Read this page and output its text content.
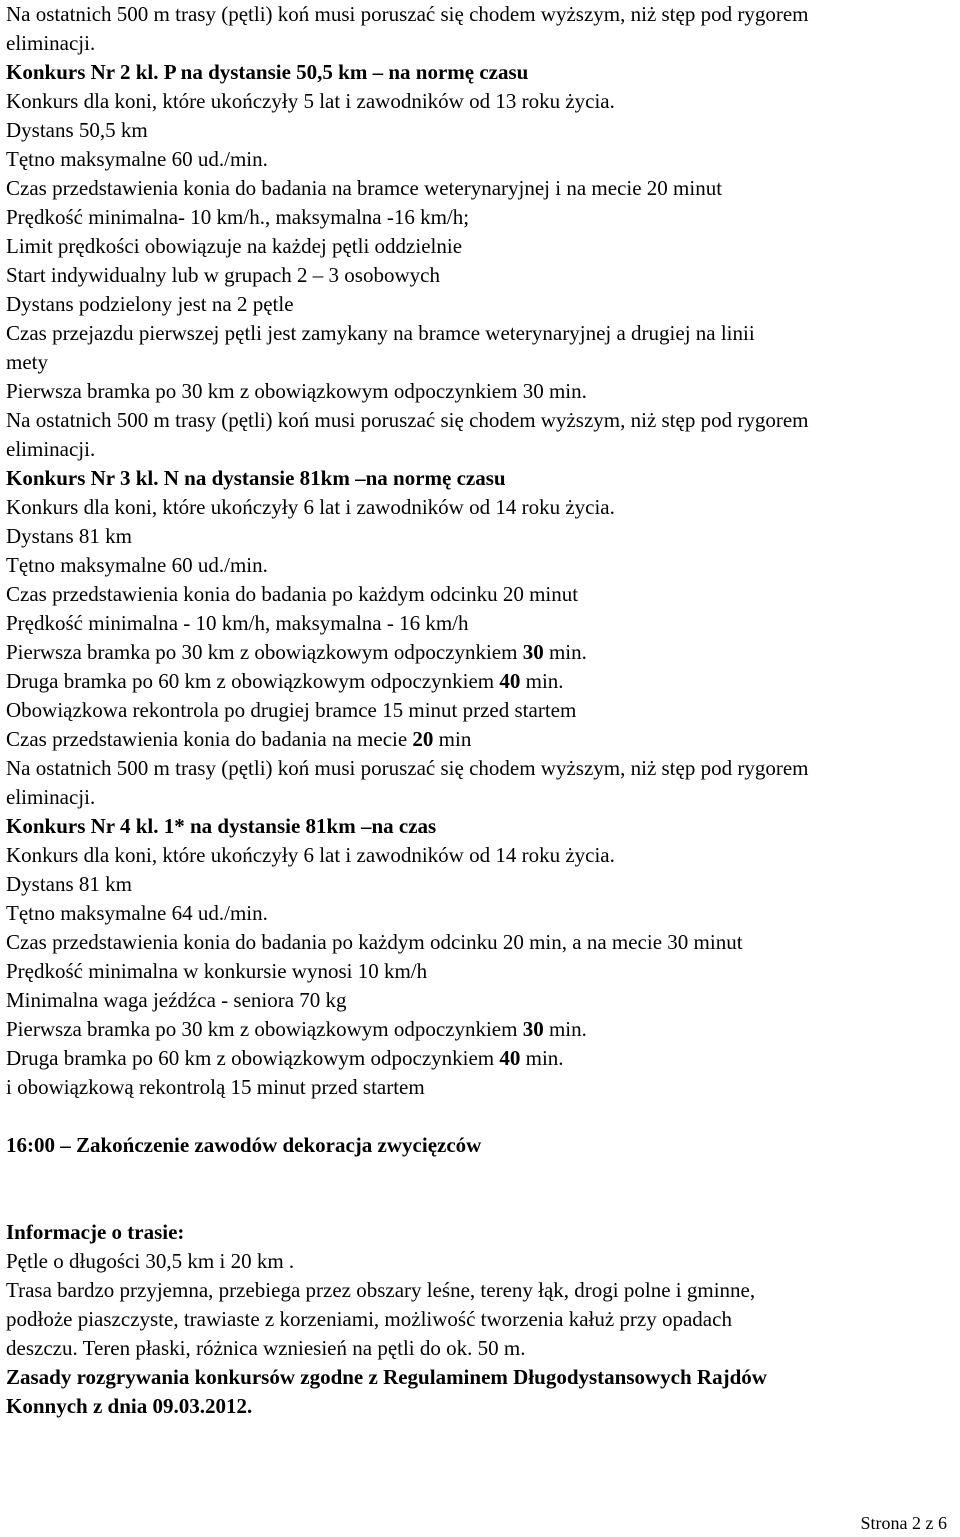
Na ostatnich 500 m trasy (pętli) koń musi poruszać się chodem wyższym, niż stęp pod rygorem
eliminacji.
Konkurs Nr 2 kl. P na dystansie 50,5 km – na normę czasu
Konkurs dla koni, które ukończyły 5 lat i zawodników od 13 roku życia.
Dystans 50,5 km
Tętno maksymalne 60 ud./min.
Czas przedstawienia konia do badania na bramce weterynaryjnej i na mecie 20 minut
Prędkość minimalna- 10 km/h., maksymalna -16 km/h;
Limit prędkości obowiązuje na każdej pętli oddzielnie
Start indywidualny lub w grupach 2 – 3 osobowych
Dystans podzielony jest na 2 pętle
Czas przejazdu pierwszej pętli jest zamykany na bramce weterynaryjnej a drugiej na linii
mety
Pierwsza bramka po 30 km z obowiązkowym odpoczynkiem 30 min.
Na ostatnich 500 m trasy (pętli) koń musi poruszać się chodem wyższym, niż stęp pod rygorem
eliminacji.
Konkurs Nr 3 kl. N na dystansie 81km –na normę czasu
Konkurs dla koni, które ukończyły 6 lat i zawodników od 14 roku życia.
Dystans 81 km
Tętno maksymalne 60 ud./min.
Czas przedstawienia konia do badania po każdym odcinku 20 minut
Prędkość minimalna - 10 km/h, maksymalna - 16 km/h
Pierwsza bramka po 30 km z obowiązkowym odpoczynkiem 30 min.
Druga bramka po 60 km z obowiązkowym odpoczynkiem 40 min.
Obowiązkowa rekontrola po drugiej bramce 15 minut przed startem
Czas przedstawienia konia do badania na mecie 20 min
Na ostatnich 500 m trasy (pętli) koń musi poruszać się chodem wyższym, niż stęp pod rygorem
eliminacji.
Konkurs Nr 4 kl. 1* na dystansie 81km –na czas
Konkurs dla koni, które ukończyły 6 lat i zawodników od 14 roku życia.
Dystans 81 km
Tętno maksymalne 64 ud./min.
Czas przedstawienia konia do badania po każdym odcinku 20 min, a na mecie 30 minut
Prędkość minimalna w konkursie wynosi 10 km/h
Minimalna waga jeźdźca - seniora 70 kg
Pierwsza bramka po 30 km z obowiązkowym odpoczynkiem 30 min.
Druga bramka po 60 km z obowiązkowym odpoczynkiem 40 min.
i obowiązkową rekontrolą 15 minut przed startem
16:00 – Zakończenie zawodów dekoracja zwycięzców
Informacje o trasie:
Pętle o długości 30,5 km i 20 km .
Trasa bardzo przyjemna, przebiega przez obszary leśne, tereny łąk, drogi polne i gminne,
podłoże piaszczyste, trawiaste z korzeniami, możliwość tworzenia kałuż przy opadach
deszczu. Teren płaski, różnica wzniesień na pętli do ok. 50 m.
Zasady rozgrywania konkursów zgodne z Regulaminem Długodystansowych Rajdów
Konnych z dnia 09.03.2012.
Strona 2 z 6
